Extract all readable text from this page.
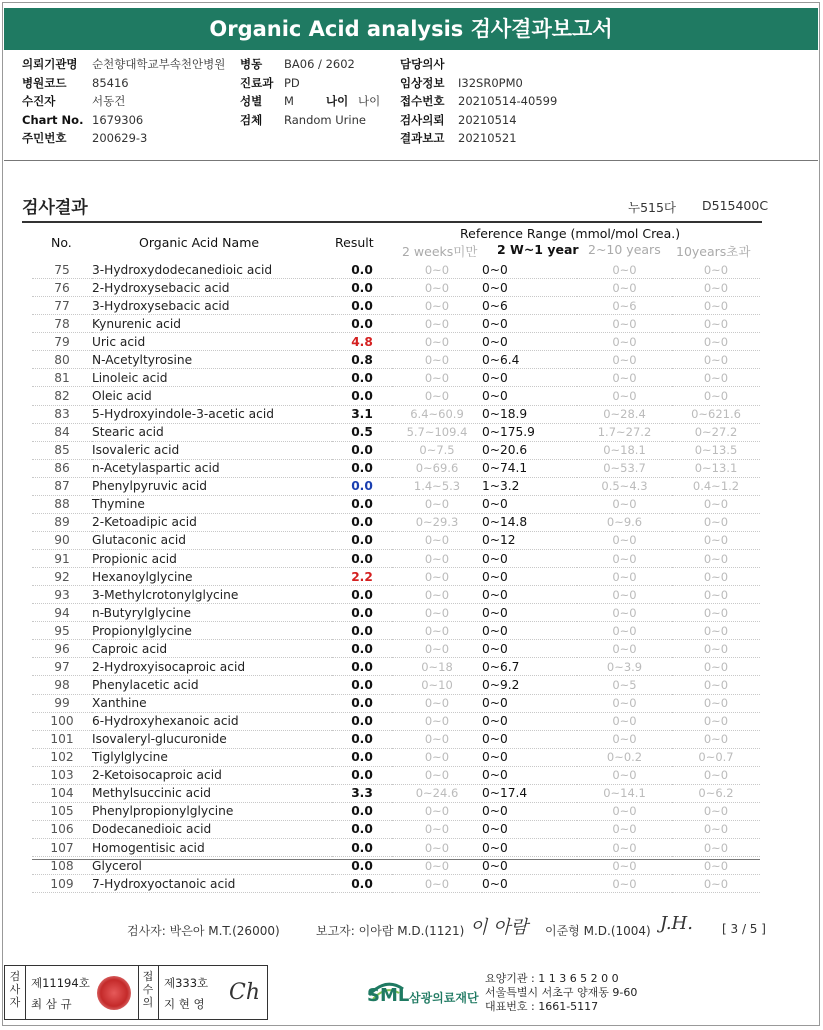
Organic Acid analysis 검사결과보고서
의뢰기관명 순천향대학교부속천안병원
병원코드 85416
수진자	서동건
Chart No. 1679306
주민번호 200629-3
병동 BA06 / 2602
진료과 PD
성별 M	나이 나이
검체 Random Urine
담당의사
임상정보 I32SR0PM0
접수번호 20210514-40599
검사의뢰 20210514
결과보고 20210521
검사결과	누515다 D515400C
No.	Organic Acid Name	Result
Reference Range (mmol/mol Crea.)
2 weeks미만 2 W~1 year 2~10 years 10years초과
75	3-Hydroxydodecanedioic acid	0.0	0~0	0~0	0~0	0~0
76	2-Hydroxysebacic acid	0.0	0~0	0~0	0~0	0~0
77	3-Hydroxysebacic acid	0.0	0~0	0~6	0~6	0~0
78	Kynurenic acid	0.0	0~0	0~0	0~0	0~0
79	Uric acid	4.8	0~0	0~0	0~0	0~0
80	N-Acetyltyrosine	0.8	0~0	0~6.4	0~0	0~0
81	Linoleic acid	0.0	0~0	0~0	0~0	0~0
82	Oleic acid	0.0	0~0	0~0	0~0	0~0
83	5-Hydroxyindole-3-acetic acid	3.1	6.4~60.9	0~18.9	0~28.4	0~621.6
84	Stearic acid	0.5	5.7~109.4	0~175.9	1.7~27.2	0~27.2
85	Isovaleric acid	0.0	0~7.5	0~20.6	0~18.1	0~13.5
86	n-Acetylaspartic acid	0.0	0~69.6	0~74.1	0~53.7	0~13.1
87	Phenylpyruvic acid	0.0	1.4~5.3	1~3.2	0.5~4.3	0.4~1.2
88	Thymine	0.0	0~0	0~0	0~0	0~0
89	2-Ketoadipic acid	0.0	0~29.3	0~14.8	0~9.6	0~0
90	Glutaconic acid	0.0	0~0	0~12	0~0	0~0
91	Propionic acid	0.0	0~0	0~0	0~0	0~0
92	Hexanoylglycine	2.2	0~0	0~0	0~0	0~0
93	3-Methylcrotonylglycine	0.0	0~0	0~0	0~0	0~0
94	n-Butyrylglycine	0.0	0~0	0~0	0~0	0~0
95	Propionylglycine	0.0	0~0	0~0	0~0	0~0
96	Caproic acid	0.0	0~0	0~0	0~0	0~0
97	2-Hydroxyisocaproic acid	0.0	0~18	0~6.7	0~3.9	0~0
98	Phenylacetic acid	0.0	0~10	0~9.2	0~5	0~0
99	Xanthine	0.0	0~0	0~0	0~0	0~0
100	6-Hydroxyhexanoic acid	0.0	0~0	0~0	0~0	0~0
101	Isovaleryl-glucuronide	0.0	0~0	0~0	0~0	0~0
102	Tiglylglycine	0.0	0~0	0~0	0~0.2	0~0.7
103	2-Ketoisocaproic acid	0.0	0~0	0~0	0~0	0~0
104	Methylsuccinic acid	3.3	0~24.6	0~17.4	0~14.1	0~6.2
105	Phenylpropionylglycine	0.0	0~0	0~0	0~0	0~0
106	Dodecanedioic acid	0.0	0~0	0~0	0~0	0~0
107	Homogentisic acid	0.0	0~0	0~0	0~0	0~0
108	Glycerol	0.0	0~0	0~0	0~0	0~0
109	7-Hydroxyoctanoic acid	0.0	0~0	0~0	0~0	0~0
검사자: 박은아 M.T.(26000)	보고자: 이아람 M.D.(1121) 이 아람 이준형 M.D.(1004) J.H. [ 3 / 5 ]
검사자
제11194호
최 삼 규
접수의
제333호
지 현 영 Ch	SML 삼광의료재단
요양기관 : 1 1 3 6 5 2 0 0
서울특별시 서초구 양재동 9-60
대표번호 : 1661-5117
